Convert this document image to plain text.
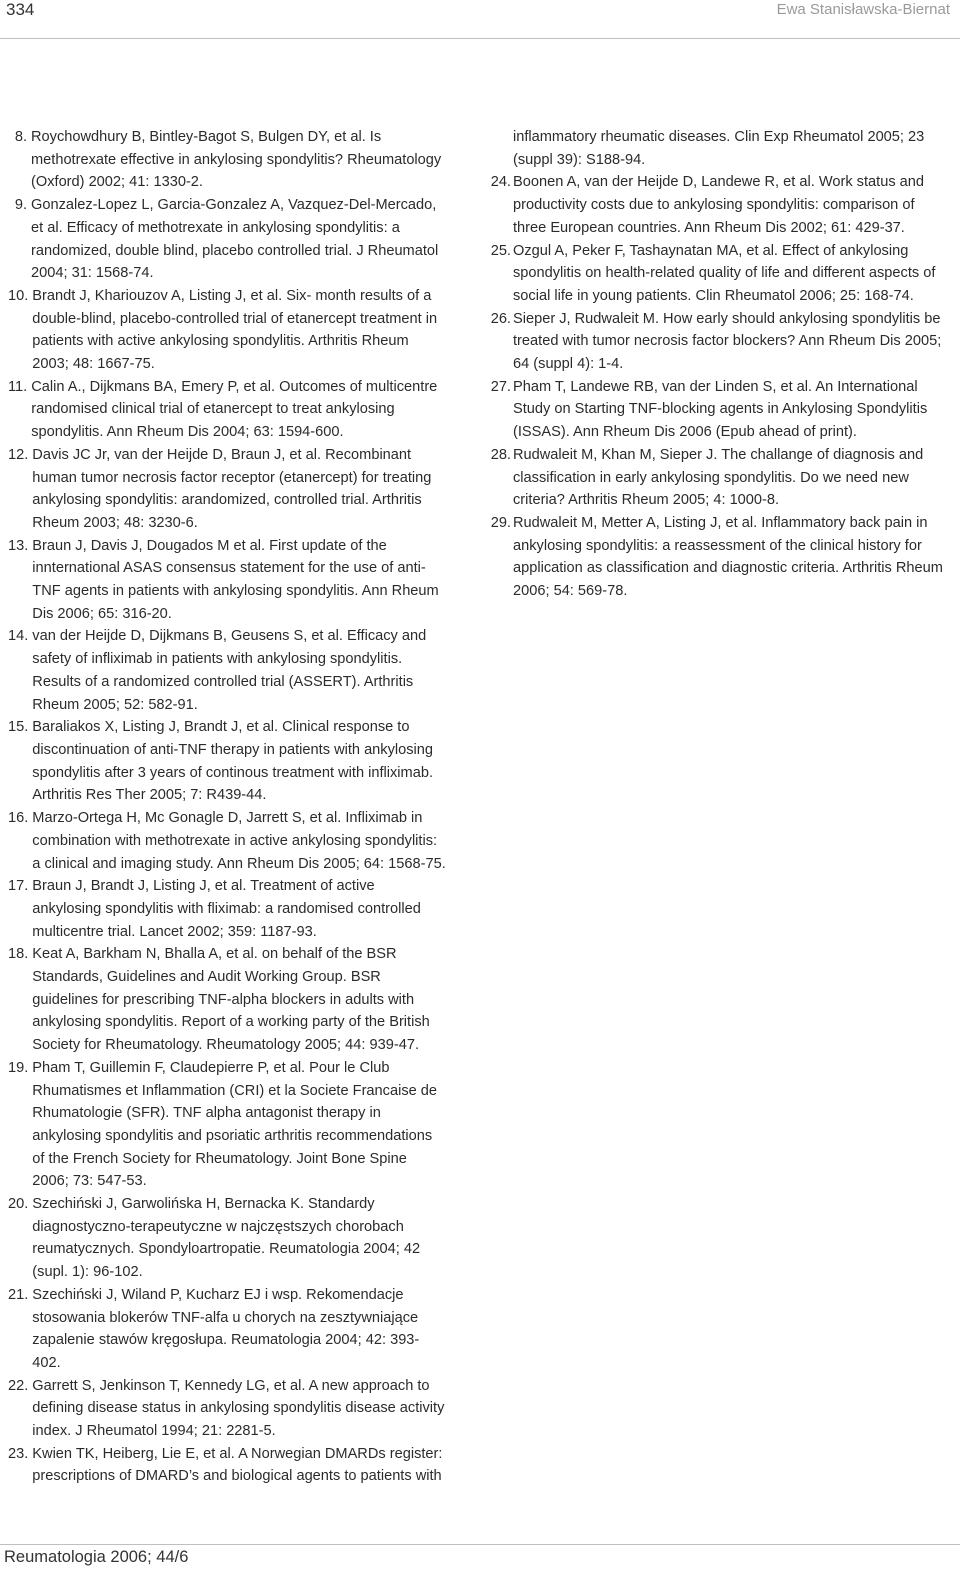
334	Ewa Stanisławska-Biernat
8. Roychowdhury B, Bintley-Bagot S, Bulgen DY, et al. Is methotrexate effective in ankylosing spondylitis? Rheumatology (Oxford) 2002; 41: 1330-2.
9. Gonzalez-Lopez L, Garcia-Gonzalez A, Vazquez-Del-Mercado, et al. Efficacy of methotrexate in ankylosing spondylitis: a randomized, double blind, placebo controlled trial. J Rheumatol 2004; 31: 1568-74.
10. Brandt J, Khariouzov A, Listing J, et al. Six- month results of a double-blind, placebo-controlled trial of etanercept treatment in patients with active ankylosing spondylitis. Arthritis Rheum 2003; 48: 1667-75.
11. Calin A., Dijkmans BA, Emery P, et al. Outcomes of multicentre randomised clinical trial of etanercept to treat ankylosing spondylitis. Ann Rheum Dis 2004; 63: 1594-600.
12. Davis JC Jr, van der Heijde D, Braun J, et al. Recombinant human tumor necrosis factor receptor (etanercept) for treating ankylosing spondylitis: arandomized, controlled trial. Arthritis Rheum 2003; 48: 3230-6.
13. Braun J, Davis J, Dougados M et al. First update of the innternational ASAS consensus statement for the use of anti-TNF agents in patients with ankylosing spondylitis. Ann Rheum Dis 2006; 65: 316-20.
14. van der Heijde D, Dijkmans B, Geusens S, et al. Efficacy and safety of infliximab in patients with ankylosing spondylitis. Results of a randomized controlled trial (ASSERT). Arthritis Rheum 2005; 52: 582-91.
15. Baraliakos X, Listing J, Brandt J, et al. Clinical response to discontinuation of anti-TNF therapy in patients with ankylosing spondylitis after 3 years of continous treatment with infliximab. Arthritis Res Ther 2005; 7: R439-44.
16. Marzo-Ortega H, Mc Gonagle D, Jarrett S, et al. Infliximab in combination with methotrexate in active ankylosing spondylitis: a clinical and imaging study. Ann Rheum Dis 2005; 64: 1568-75.
17. Braun J, Brandt J, Listing J, et al. Treatment of active ankylosing spondylitis with fliximab: a randomised controlled multicentre trial. Lancet 2002; 359: 1187-93.
18. Keat A, Barkham N, Bhalla A, et al. on behalf of the BSR Standards, Guidelines and Audit Working Group. BSR guidelines for prescribing TNF-alpha blockers in adults with ankylosing spondylitis. Report of a working party of the British Society for Rheumatology. Rheumatology 2005; 44: 939-47.
19. Pham T, Guillemin F, Claudepierre P, et al. Pour le Club Rhumatismes et Inflammation (CRI) et la Societe Francaise de Rhumatologie (SFR). TNF alpha antagonist therapy in ankylosing spondylitis and psoriatic arthritis recommendations of the French Society for Rheumatology. Joint Bone Spine 2006; 73: 547-53.
20. Szechiński J, Garwolińska H, Bernacka K. Standardy diagnostyczno-terapeutyczne w najczęstszych chorobach reumatycznych. Spondyloartropatie. Reumatologia 2004; 42 (supl. 1): 96-102.
21. Szechiński J, Wiland P, Kucharz EJ i wsp. Rekomendacje stosowania blokerów TNF-alfa u chorych na zesztywniające zapalenie stawów kręgosłupa. Reumatologia 2004; 42: 393-402.
22. Garrett S, Jenkinson T, Kennedy LG, et al. A new approach to defining disease status in ankylosing spondylitis disease activity index. J Rheumatol 1994; 21: 2281-5.
23. Kwien TK, Heiberg, Lie E, et al. A Norwegian DMARDs register: prescriptions of DMARD’s and biological agents to patients with
inflammatory rheumatic diseases. Clin Exp Rheumatol 2005; 23 (suppl 39): S188-94.
24. Boonen A, van der Heijde D, Landewe R, et al. Work status and productivity costs due to ankylosing spondylitis: comparison of three European countries. Ann Rheum Dis 2002; 61: 429-37.
25. Ozgul A, Peker F, Tashaynatan MA, et al. Effect of ankylosing spondylitis on health-related quality of life and different aspects of social life in young patients. Clin Rheumatol 2006; 25: 168-74.
26. Sieper J, Rudwaleit M. How early should ankylosing spondylitis be treated with tumor necrosis factor blockers? Ann Rheum Dis 2005; 64 (suppl 4): 1-4.
27. Pham T, Landewe RB, van der Linden S, et al. An International Study on Starting TNF-blocking agents in Ankylosing Spondylitis (ISSAS). Ann Rheum Dis 2006 (Epub ahead of print).
28. Rudwaleit M, Khan M, Sieper J. The challange of diagnosis and classification in early ankylosing spondylitis. Do we need new criteria? Arthritis Rheum 2005; 4: 1000-8.
29. Rudwaleit M, Metter A, Listing J, et al. Inflammatory back pain in ankylosing spondylitis: a reassessment of the clinical history for application as classification and diagnostic criteria. Arthritis Rheum 2006; 54: 569-78.
Reumatologia 2006; 44/6
